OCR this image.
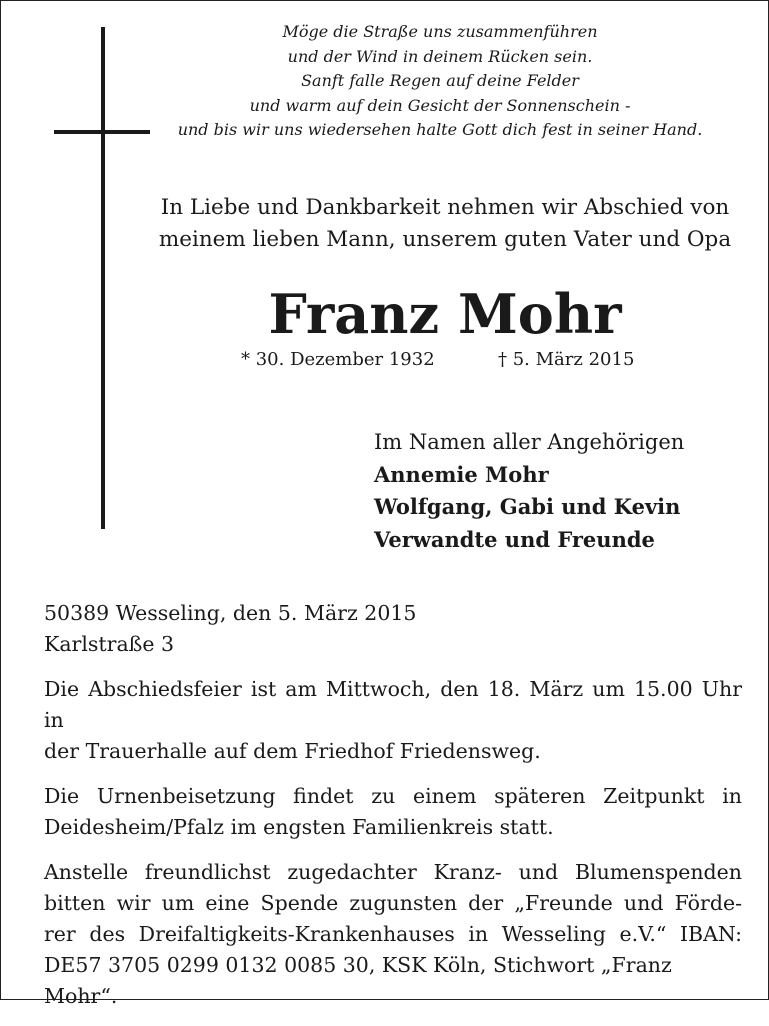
Möge die Straße uns zusammenführen
und der Wind in deinem Rücken sein.
Sanft falle Regen auf deine Felder
und warm auf dein Gesicht der Sonnenschein -
und bis wir uns wiedersehen halte Gott dich fest in seiner Hand.
In Liebe und Dankbarkeit nehmen wir Abschied von
meinem lieben Mann, unserem guten Vater und Opa
Franz Mohr
* 30. Dezember 1932	† 5. März 2015
Im Namen aller Angehörigen
Annemie Mohr
Wolfgang, Gabi und Kevin
Verwandte und Freunde
50389 Wesseling, den 5. März 2015
Karlstraße 3
Die Abschiedsfeier ist am Mittwoch, den 18. März um 15.00 Uhr in
der Trauerhalle auf dem Friedhof Friedensweg.
Die Urnenbeisetzung findet zu einem späteren Zeitpunkt in
Deidesheim/Pfalz im engsten Familienkreis statt.
Anstelle freundlichst zugedachter Kranz- und Blumenspenden
bitten wir um eine Spende zugunsten der „Freunde und Förde-
rer des Dreifaltigkeits-Krankenhauses in Wesseling e.V.“ IBAN:
DE57 3705 0299 0132 0085 30, KSK Köln, Stichwort „Franz Mohr“.
